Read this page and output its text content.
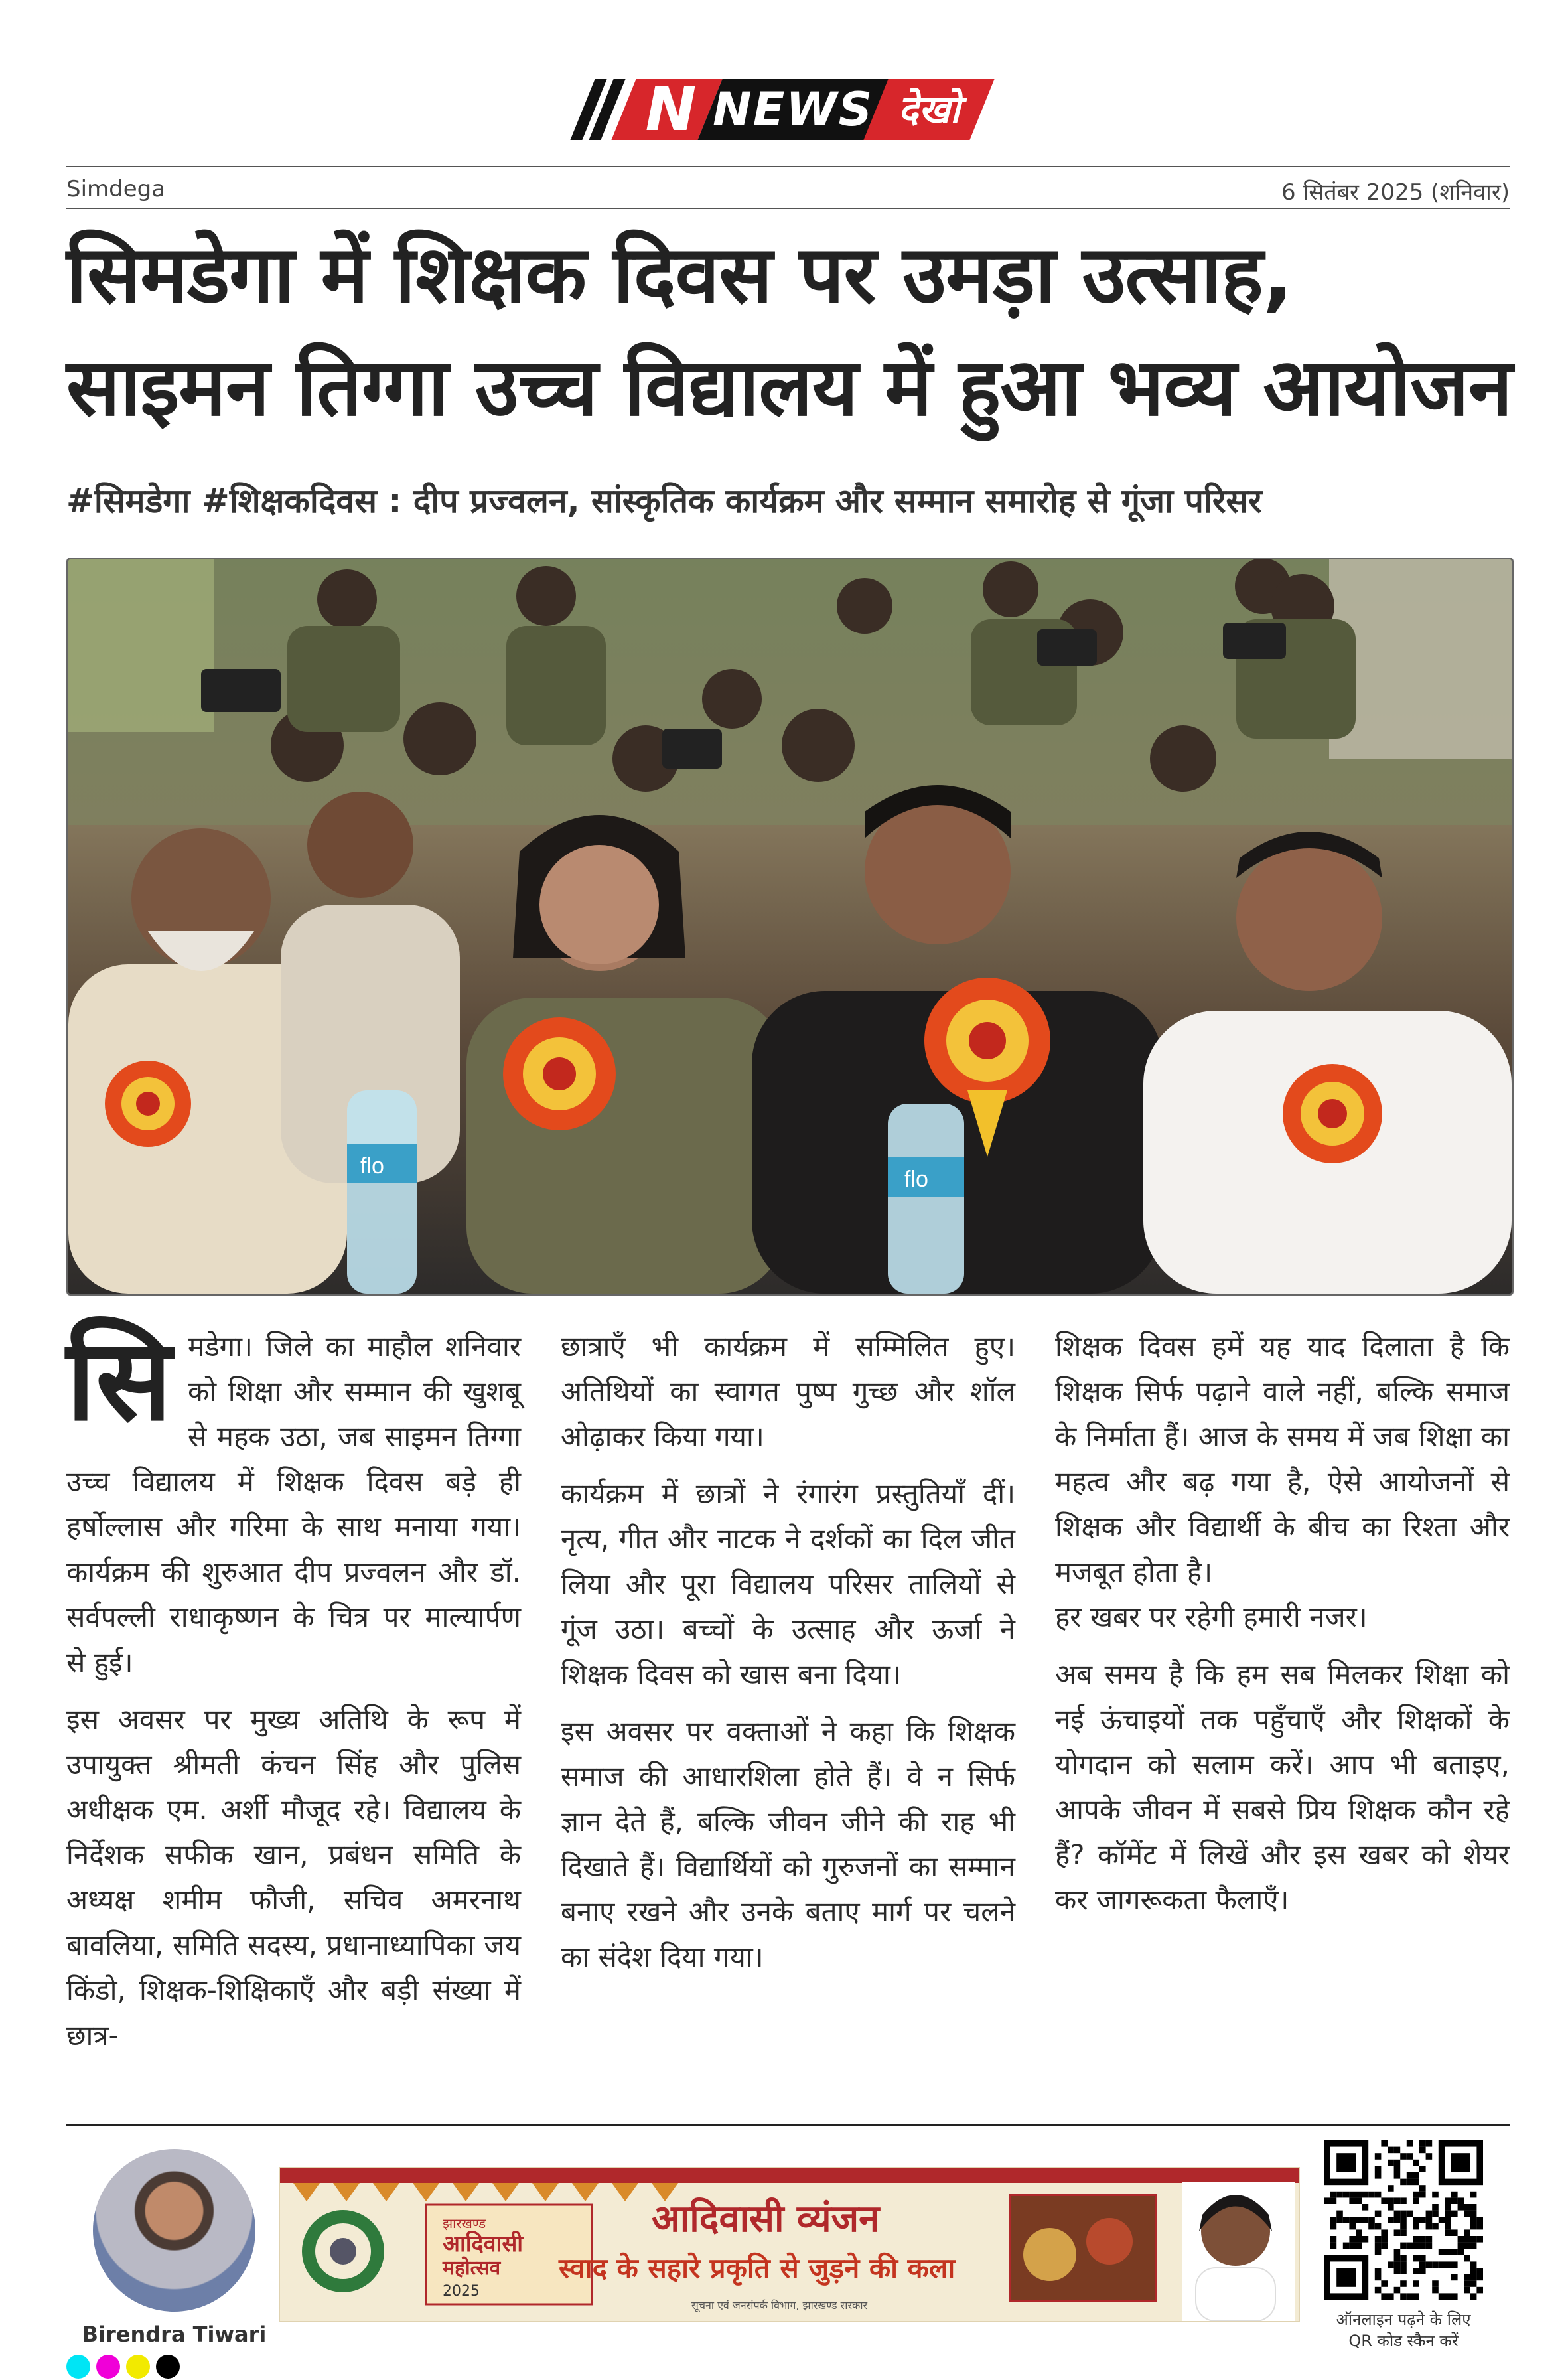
N NEWS देखो
Simdega	6 सितंबर 2025 (शनिवार)
सिमडेगा में शिक्षक दिवस पर उमड़ा उत्साह,
साइमन तिग्गा उच्च विद्यालय में हुआ भव्य आयोजन
#सिमडेगा #शिक्षकदिवस : दीप प्रज्वलन, सांस्कृतिक कार्यक्रम और सम्मान समारोह से गूंजा परिसर
flo
flo

सिमडेगा। जिले का माहौल शनिवार को शिक्षा और सम्मान की खुशबू से महक उठा, जब साइमन तिग्गा उच्च विद्यालय में शिक्षक दिवस बड़े ही हर्षोल्लास और गरिमा के साथ मनाया गया। कार्यक्रम की शुरुआत दीप प्रज्वलन और डॉ. सर्वपल्ली राधाकृष्णन के चित्र पर माल्यार्पण से हुई।

इस अवसर पर मुख्य अतिथि के रूप में उपायुक्त श्रीमती कंचन सिंह और पुलिस अधीक्षक एम. अर्शी मौजूद रहे। विद्यालय के निर्देशक सफीक खान, प्रबंधन समिति के अध्यक्ष शमीम फौजी, सचिव अमरनाथ बावलिया, समिति सदस्य, प्रधानाध्यापिका जय किंडो, शिक्षक-शिक्षिकाएँ और बड़ी संख्या में छात्र-

छात्राएँ भी कार्यक्रम में सम्मिलित हुए। अतिथियों का स्वागत पुष्प गुच्छ और शॉल ओढ़ाकर किया गया।

कार्यक्रम में छात्रों ने रंगारंग प्रस्तुतियाँ दीं। नृत्य, गीत और नाटक ने दर्शकों का दिल जीत लिया और पूरा विद्यालय परिसर तालियों से गूंज उठा। बच्चों के उत्साह और ऊर्जा ने शिक्षक दिवस को खास बना दिया।

इस अवसर पर वक्ताओं ने कहा कि शिक्षक समाज की आधारशिला होते हैं। वे न सिर्फ ज्ञान देते हैं, बल्कि जीवन जीने की राह भी दिखाते हैं। विद्यार्थियों को गुरुजनों का सम्मान बनाए रखने और उनके बताए मार्ग पर चलने का संदेश दिया गया।

शिक्षक दिवस हमें यह याद दिलाता है कि शिक्षक सिर्फ पढ़ाने वाले नहीं, बल्कि समाज के निर्माता हैं। आज के समय में जब शिक्षा का महत्व और बढ़ गया है, ऐसे आयोजनों से शिक्षक और विद्यार्थी के बीच का रिश्ता और मजबूत होता है।

हर खबर पर रहेगी हमारी नजर।

अब समय है कि हम सब मिलकर शिक्षा को नई ऊंचाइयों तक पहुँचाएँ और शिक्षकों के योगदान को सलाम करें। आप भी बताइए, आपके जीवन में सबसे प्रिय शिक्षक कौन रहे हैं? कॉमेंट में लिखें और इस खबर को शेयर कर जागरूकता फैलाएँ।

Birendra Tiwari
झारखण्ड
आदिवासी
महोत्सव
2025
आदिवासी व्यंजन
स्वाद के सहारे प्रकृति से जुड़ने की कला
सूचना एवं जनसंपर्क विभाग, झारखण्ड सरकार
ऑनलाइन पढ़ने के लिए
QR कोड स्कैन करें
